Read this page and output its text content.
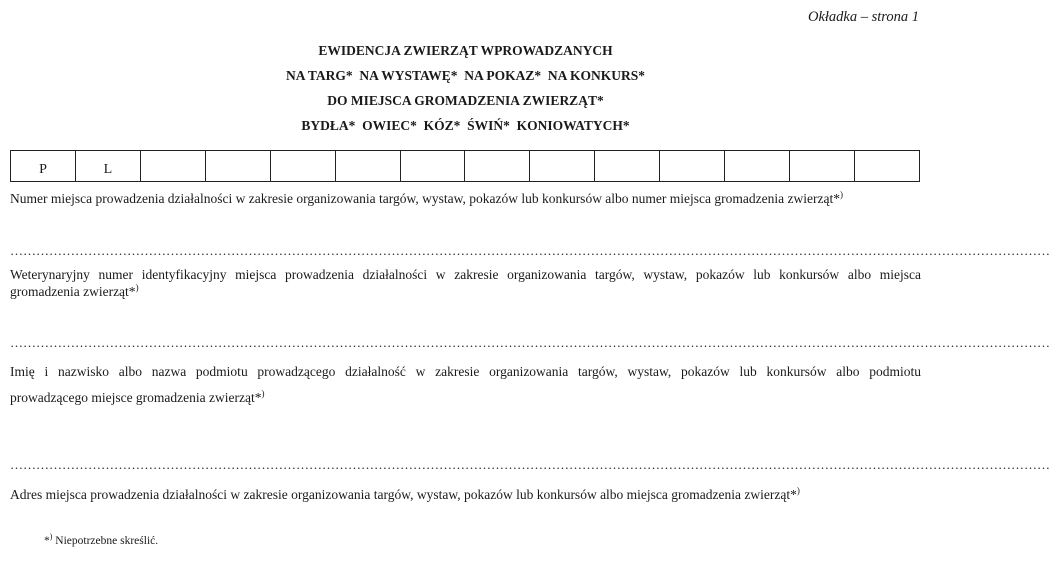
Okładka – strona 1
EWIDENCJA ZWIERZĄT WPROWADZANYCH
NA TARG*  NA WYSTAWĘ*  NA POKAZ*  NA KONKURS*
DO MIEJSCA GROMADZENIA ZWIERZĄT*
BYDŁA*  OWIEC*  KÓZ*  ŚWIŃ*  KONIOWATYCH*
P	L
Numer miejsca prowadzenia działalności w zakresie organizowania targów, wystaw, pokazów lub konkursów albo numer miejsca gromadzenia zwierząt*)
……………………………………………………………………………………………………………………………………………………………………………………………………………………
Weterynaryjny numer identyfikacyjny miejsca prowadzenia działalności w zakresie organizowania targów, wystaw, pokazów lub konkursów albo miejsca
gromadzenia zwierząt*)
……………………………………………………………………………………………………………………………………………………………………………………………………………………
Imię i nazwisko albo nazwa podmiotu prowadzącego działalność w zakresie organizowania targów, wystaw, pokazów lub konkursów albo podmiotu
prowadzącego miejsce gromadzenia zwierząt*)
……………………………………………………………………………………………………………………………………………………………………………………………………………………
Adres miejsca prowadzenia działalności w zakresie organizowania targów, wystaw, pokazów lub konkursów albo miejsca gromadzenia zwierząt*)
*) Niepotrzebne skreślić.
